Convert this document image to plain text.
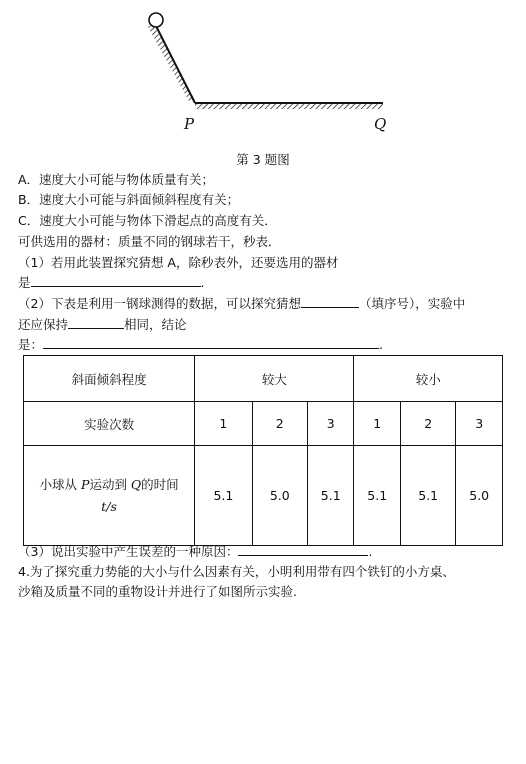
P	Q
第 3 题图
A．速度大小可能与物体质量有关；
B．速度大小可能与斜面倾斜程度有关；
C．速度大小可能与物体下滑起点的高度有关．
可供选用的器材：质量不同的钢球若干，秒表．
（1）若用此装置探究猜想 A，除秒表外，还要选用的器材
是	.
（2）下表是利用一钢球测得的数据，可以探究猜想	（填序号），实验中
还应保持	相同，结论
是：	.
斜面倾斜程度	较大			较小		
实验次数	1	2	3	1	2	3

小球从 P运动到 Q的时间
t/s	5.1	5.0	5.1	5.1	5.1	5.0
（3）说出实验中产生误差的一种原因：	.
4.为了探究重力势能的大小与什么因素有关，小明利用带有四个铁钉的小方桌、
沙箱及质量不同的重物设计并进行了如图所示实验.
